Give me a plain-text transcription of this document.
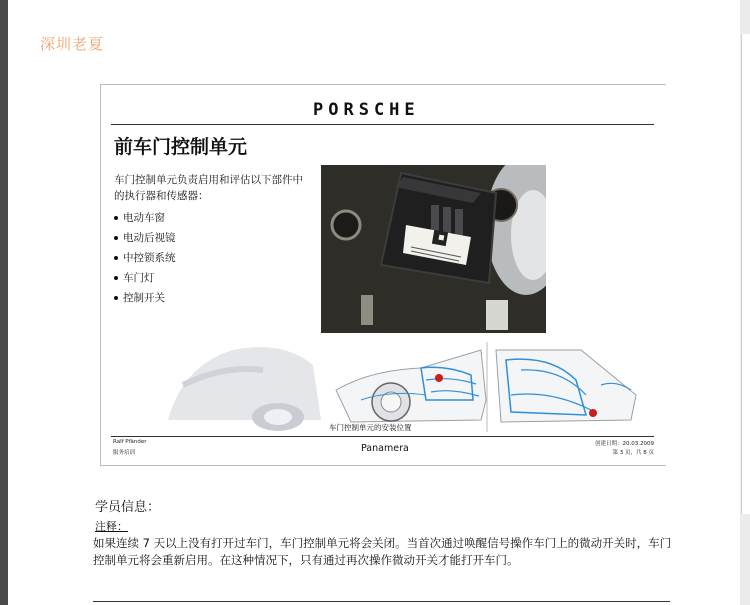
深圳老夏
PORSCHE
前车门控制单元
车门控制单元负责启用和评估以下部件中的执行器和传感器：
电动车窗
电动后视镜
中控锁系统
车门灯
控制开关
车门控制单元的安装位置
Ralf Pfänder
服务培训	Panamera	创建日期：20.03.2009
第 3 页，共 8 页
学员信息：
注释：
如果连续 7 天以上没有打开过车门，车门控制单元将会关闭。当首次通过唤醒信号操作车门上的微动开关时，车门控制单元将会重新启用。在这种情况下，只有通过再次操作微动开关才能打开车门。
